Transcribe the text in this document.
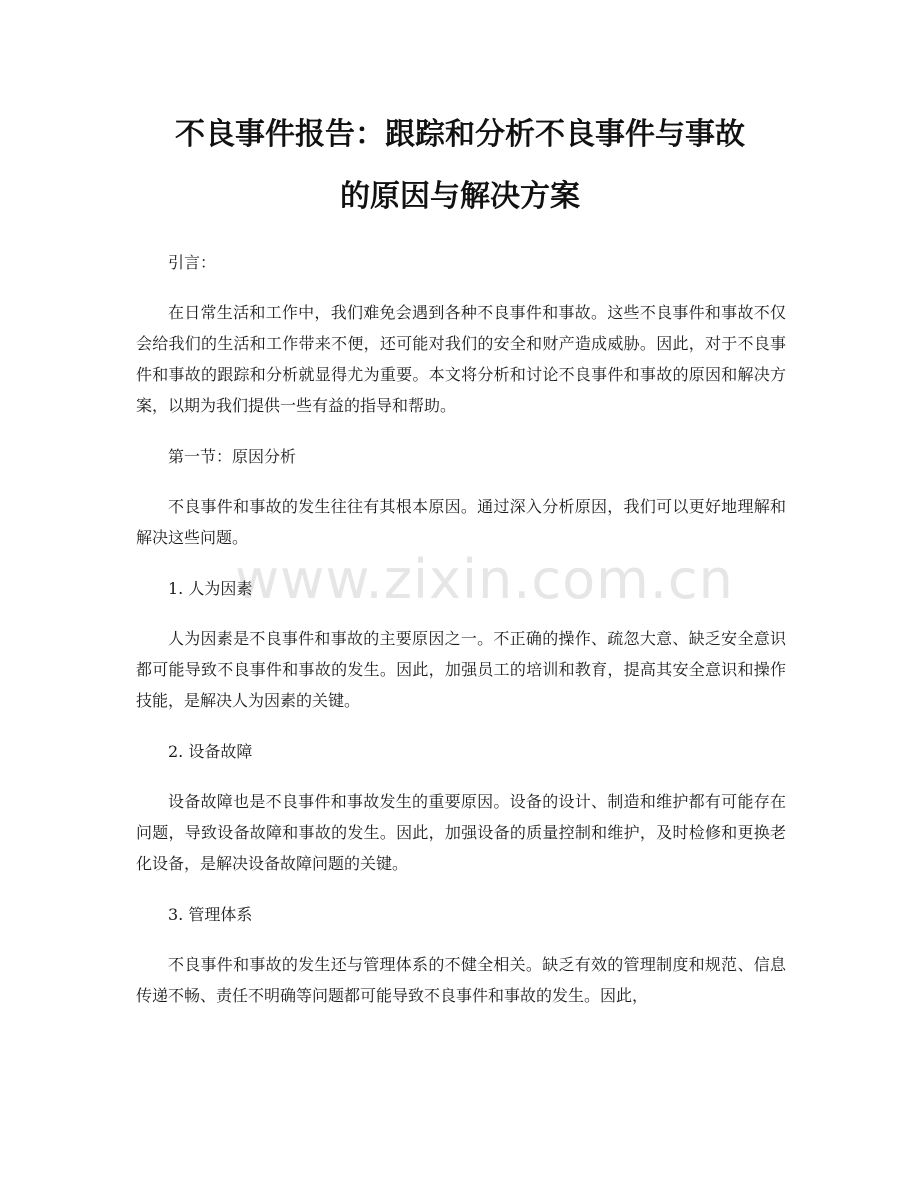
www.zixin.com.cn
不良事件报告：跟踪和分析不良事件与事故
的原因与解决方案

引言：

在日常生活和工作中，我们难免会遇到各种不良事件和事故。这些不良事件和事故不仅会给我们的生活和工作带来不便，还可能对我们的安全和财产造成威胁。因此，对于不良事件和事故的跟踪和分析就显得尤为重要。本文将分析和讨论不良事件和事故的原因和解决方案，以期为我们提供一些有益的指导和帮助。

第一节：原因分析

不良事件和事故的发生往往有其根本原因。通过深入分析原因，我们可以更好地理解和解决这些问题。

1. 人为因素

人为因素是不良事件和事故的主要原因之一。不正确的操作、疏忽大意、缺乏安全意识都可能导致不良事件和事故的发生。因此，加强员工的培训和教育，提高其安全意识和操作技能，是解决人为因素的关键。

2. 设备故障

设备故障也是不良事件和事故发生的重要原因。设备的设计、制造和维护都有可能存在问题，导致设备故障和事故的发生。因此，加强设备的质量控制和维护，及时检修和更换老化设备，是解决设备故障问题的关键。

3. 管理体系

不良事件和事故的发生还与管理体系的不健全相关。缺乏有效的管理制度和规范、信息传递不畅、责任不明确等问题都可能导致不良事件和事故的发生。因此，
